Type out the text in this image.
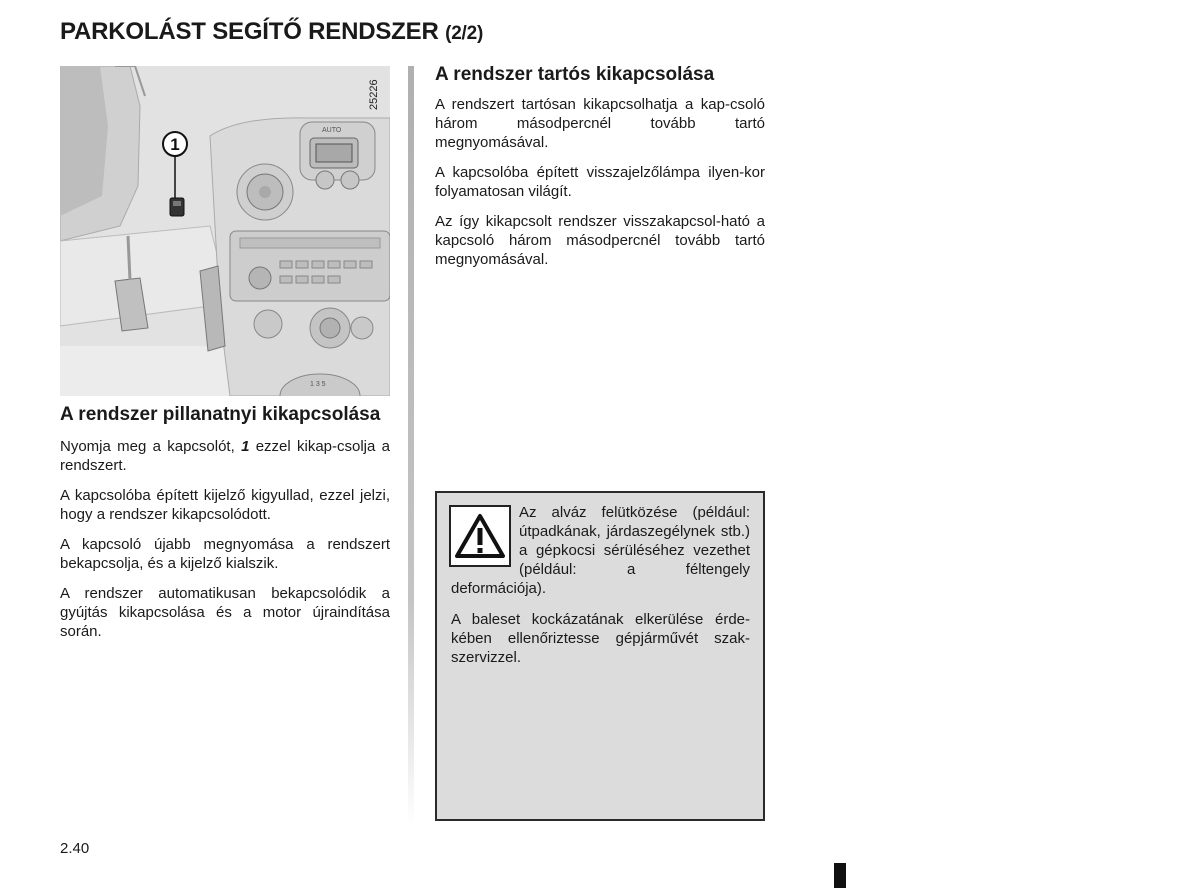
PARKOLÁST SEGÍTŐ RENDSZER (2/2)
AUTO
1 3 5
1
25226
A rendszer pillanatnyi kikapcsolása

Nyomja meg a kapcsolót, 1 ezzel kikap-csolja a rendszert.

A kapcsolóba épített kijelző kigyullad, ezzel jelzi, hogy a rendszer kikapcsolódott.

A kapcsoló újabb megnyomása a rendszert bekapcsolja, és a kijelző kialszik.

A rendszer automatikusan bekapcsolódik a gyújtás kikapcsolása és a motor újraindítása során.

A rendszer tartós kikapcsolása

A rendszert tartósan kikapcsolhatja a kap-csoló három másodpercnél tovább tartó megnyomásával.

A kapcsolóba épített visszajelzőlámpa ilyen-kor folyamatosan világít.

Az így kikapcsolt rendszer visszakapcsol-ható a kapcsoló három másodpercnél tovább tartó megnyomásával.

Az alváz felütközése (például: útpadkának, járdaszegélynek stb.) a gépkocsi sérüléséhez vezethet (például: a féltengely deformációja).

A baleset kockázatának elkerülése érde-kében ellenőriztesse gépjárművét szak-szervizzel.

2.40
